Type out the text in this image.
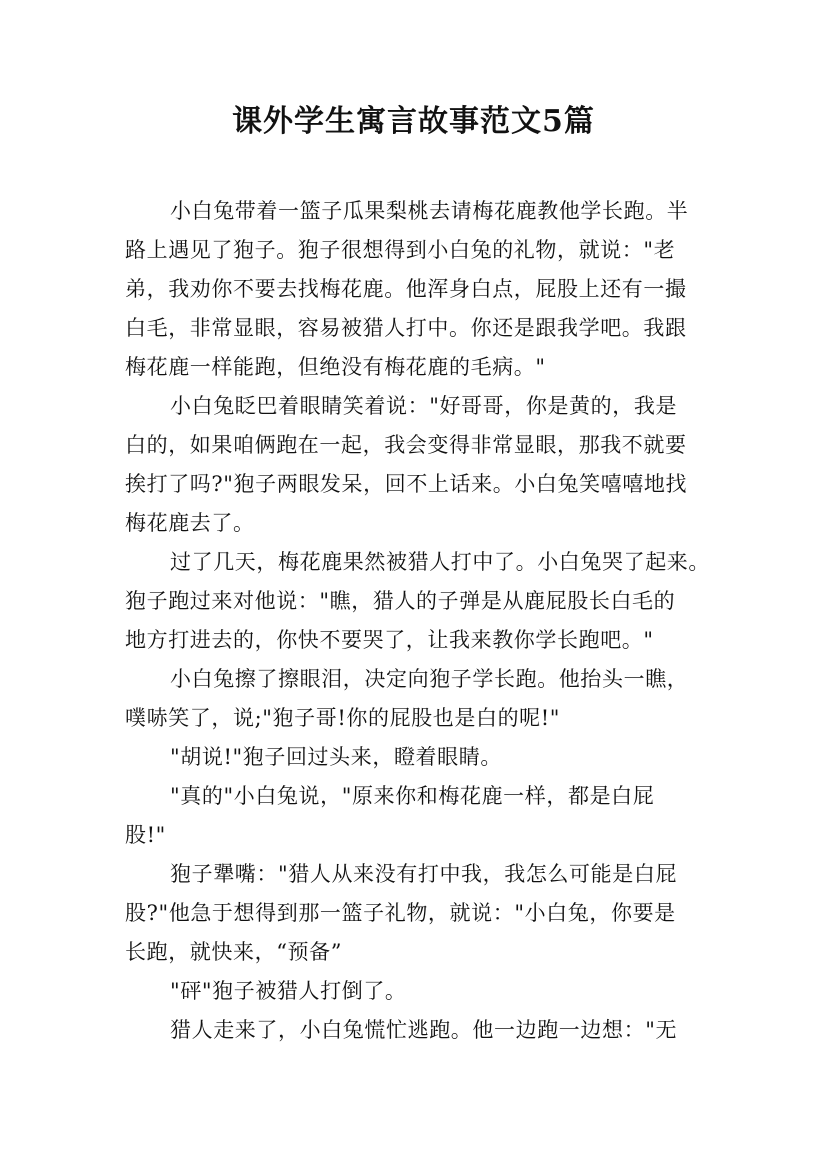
课外学生寓言故事范文5篇
小白兔带着一篮子瓜果梨桃去请梅花鹿教他学长跑。半
路上遇见了狍子。狍子很想得到小白兔的礼物，就说："老
弟，我劝你不要去找梅花鹿。他浑身白点，屁股上还有一撮
白毛，非常显眼，容易被猎人打中。你还是跟我学吧。我跟
梅花鹿一样能跑，但绝没有梅花鹿的毛病。"
小白兔眨巴着眼睛笑着说："好哥哥，你是黄的，我是
白的，如果咱俩跑在一起，我会变得非常显眼，那我不就要
挨打了吗?"狍子两眼发呆，回不上话来。小白兔笑嘻嘻地找
梅花鹿去了。
过了几天，梅花鹿果然被猎人打中了。小白兔哭了起来。
狍子跑过来对他说："瞧，猎人的子弹是从鹿屁股长白毛的
地方打进去的，你快不要哭了，让我来教你学长跑吧。"
小白兔擦了擦眼泪，决定向狍子学长跑。他抬头一瞧，
噗哧笑了，说;"狍子哥!你的屁股也是白的呢!"
"胡说!"狍子回过头来，瞪着眼睛。
"真的"小白兔说，"原来你和梅花鹿一样，都是白屁
股!"
狍子犟嘴："猎人从来没有打中我，我怎么可能是白屁
股?"他急于想得到那一篮子礼物，就说："小白兔，你要是
长跑，就快来，“预备”
"砰"狍子被猎人打倒了。
猎人走来了，小白兔慌忙逃跑。他一边跑一边想："无
